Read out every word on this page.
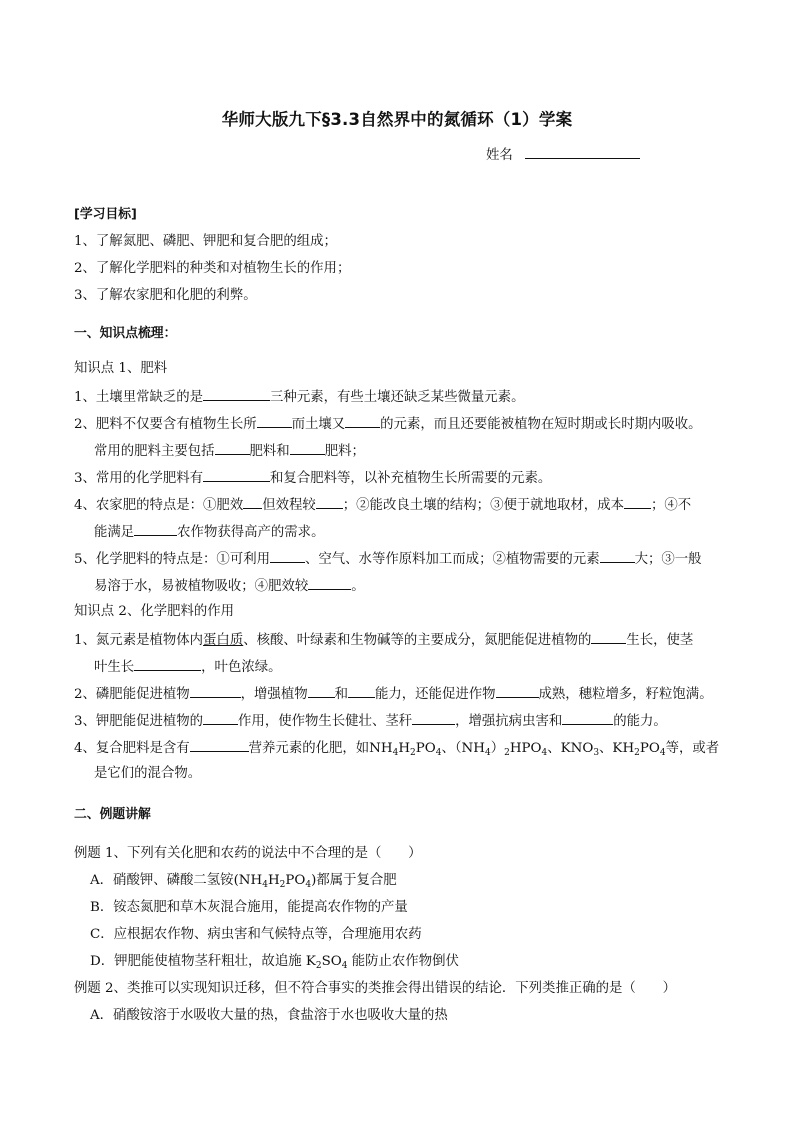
华师大版九下§3.3自然界中的氮循环（1）学案
姓名
[学习目标]
1、了解氮肥、磷肥、钾肥和复合肥的组成；
2、了解化学肥料的种类和对植物生长的作用；
3、了解农家肥和化肥的利弊。
一、知识点梳理：
知识点 1、肥料
1、土壤里常缺乏的是	三种元素，有些土壤还缺乏某些微量元素。
2、肥料不仅要含有植物生长所	而土壤又	的元素，而且还要能被植物在短时期或长时期内吸收。
常用的肥料主要包括	肥料和	肥料；
3、常用的化学肥料有	和复合肥料等，以补充植物生长所需要的元素。
4、农家肥的特点是：①肥效 但效程较 ；②能改良土壤的结构；③便于就地取材，成本 ；④不
能满足	农作物获得高产的需求。
5、化学肥料的特点是：①可利用	、空气、水等作原料加工而成；②植物需要的元素	大；③一般
易溶于水，易被植物吸收；④肥效较	。
知识点 2、化学肥料的作用
1、氮元素是植物体内蛋白质、核酸、叶绿素和生物碱等的主要成分，氮肥能促进植物的	生长，使茎
叶生长	，叶色浓绿。
2、磷肥能促进植物	，增强植物 和 能力，还能促进作物	成熟，穗粒增多，籽粒饱满。
3、钾肥能促进植物的	作用，使作物生长健壮、茎秆	，增强抗病虫害和	的能力。
4、复合肥料是含有	营养元素的化肥，如$NH_4H_2PO_4$、$(NH_4)_2HPO_4$、$KNO_3$、$KH_2PO_4$等，或者
是它们的混合物。
二、例题讲解
例题 1、下列有关化肥和农药的说法中不合理的是（　　）
A．硝酸钾、磷酸二氢铵$(NH_4H_2PO_4)$都属于复合肥
B．铵态氮肥和草木灰混合施用，能提高农作物的产量
C．应根据农作物、病虫害和气候特点等，合理施用农药
D．钾肥能使植物茎秆粗壮，故追施 $K_2SO_4$ 能防止农作物倒伏
例题 2、类推可以实现知识迁移，但不符合事实的类推会得出错误的结论．下列类推正确的是（　　）
A．硝酸铵溶于水吸收大量的热，食盐溶于水也吸收大量的热
